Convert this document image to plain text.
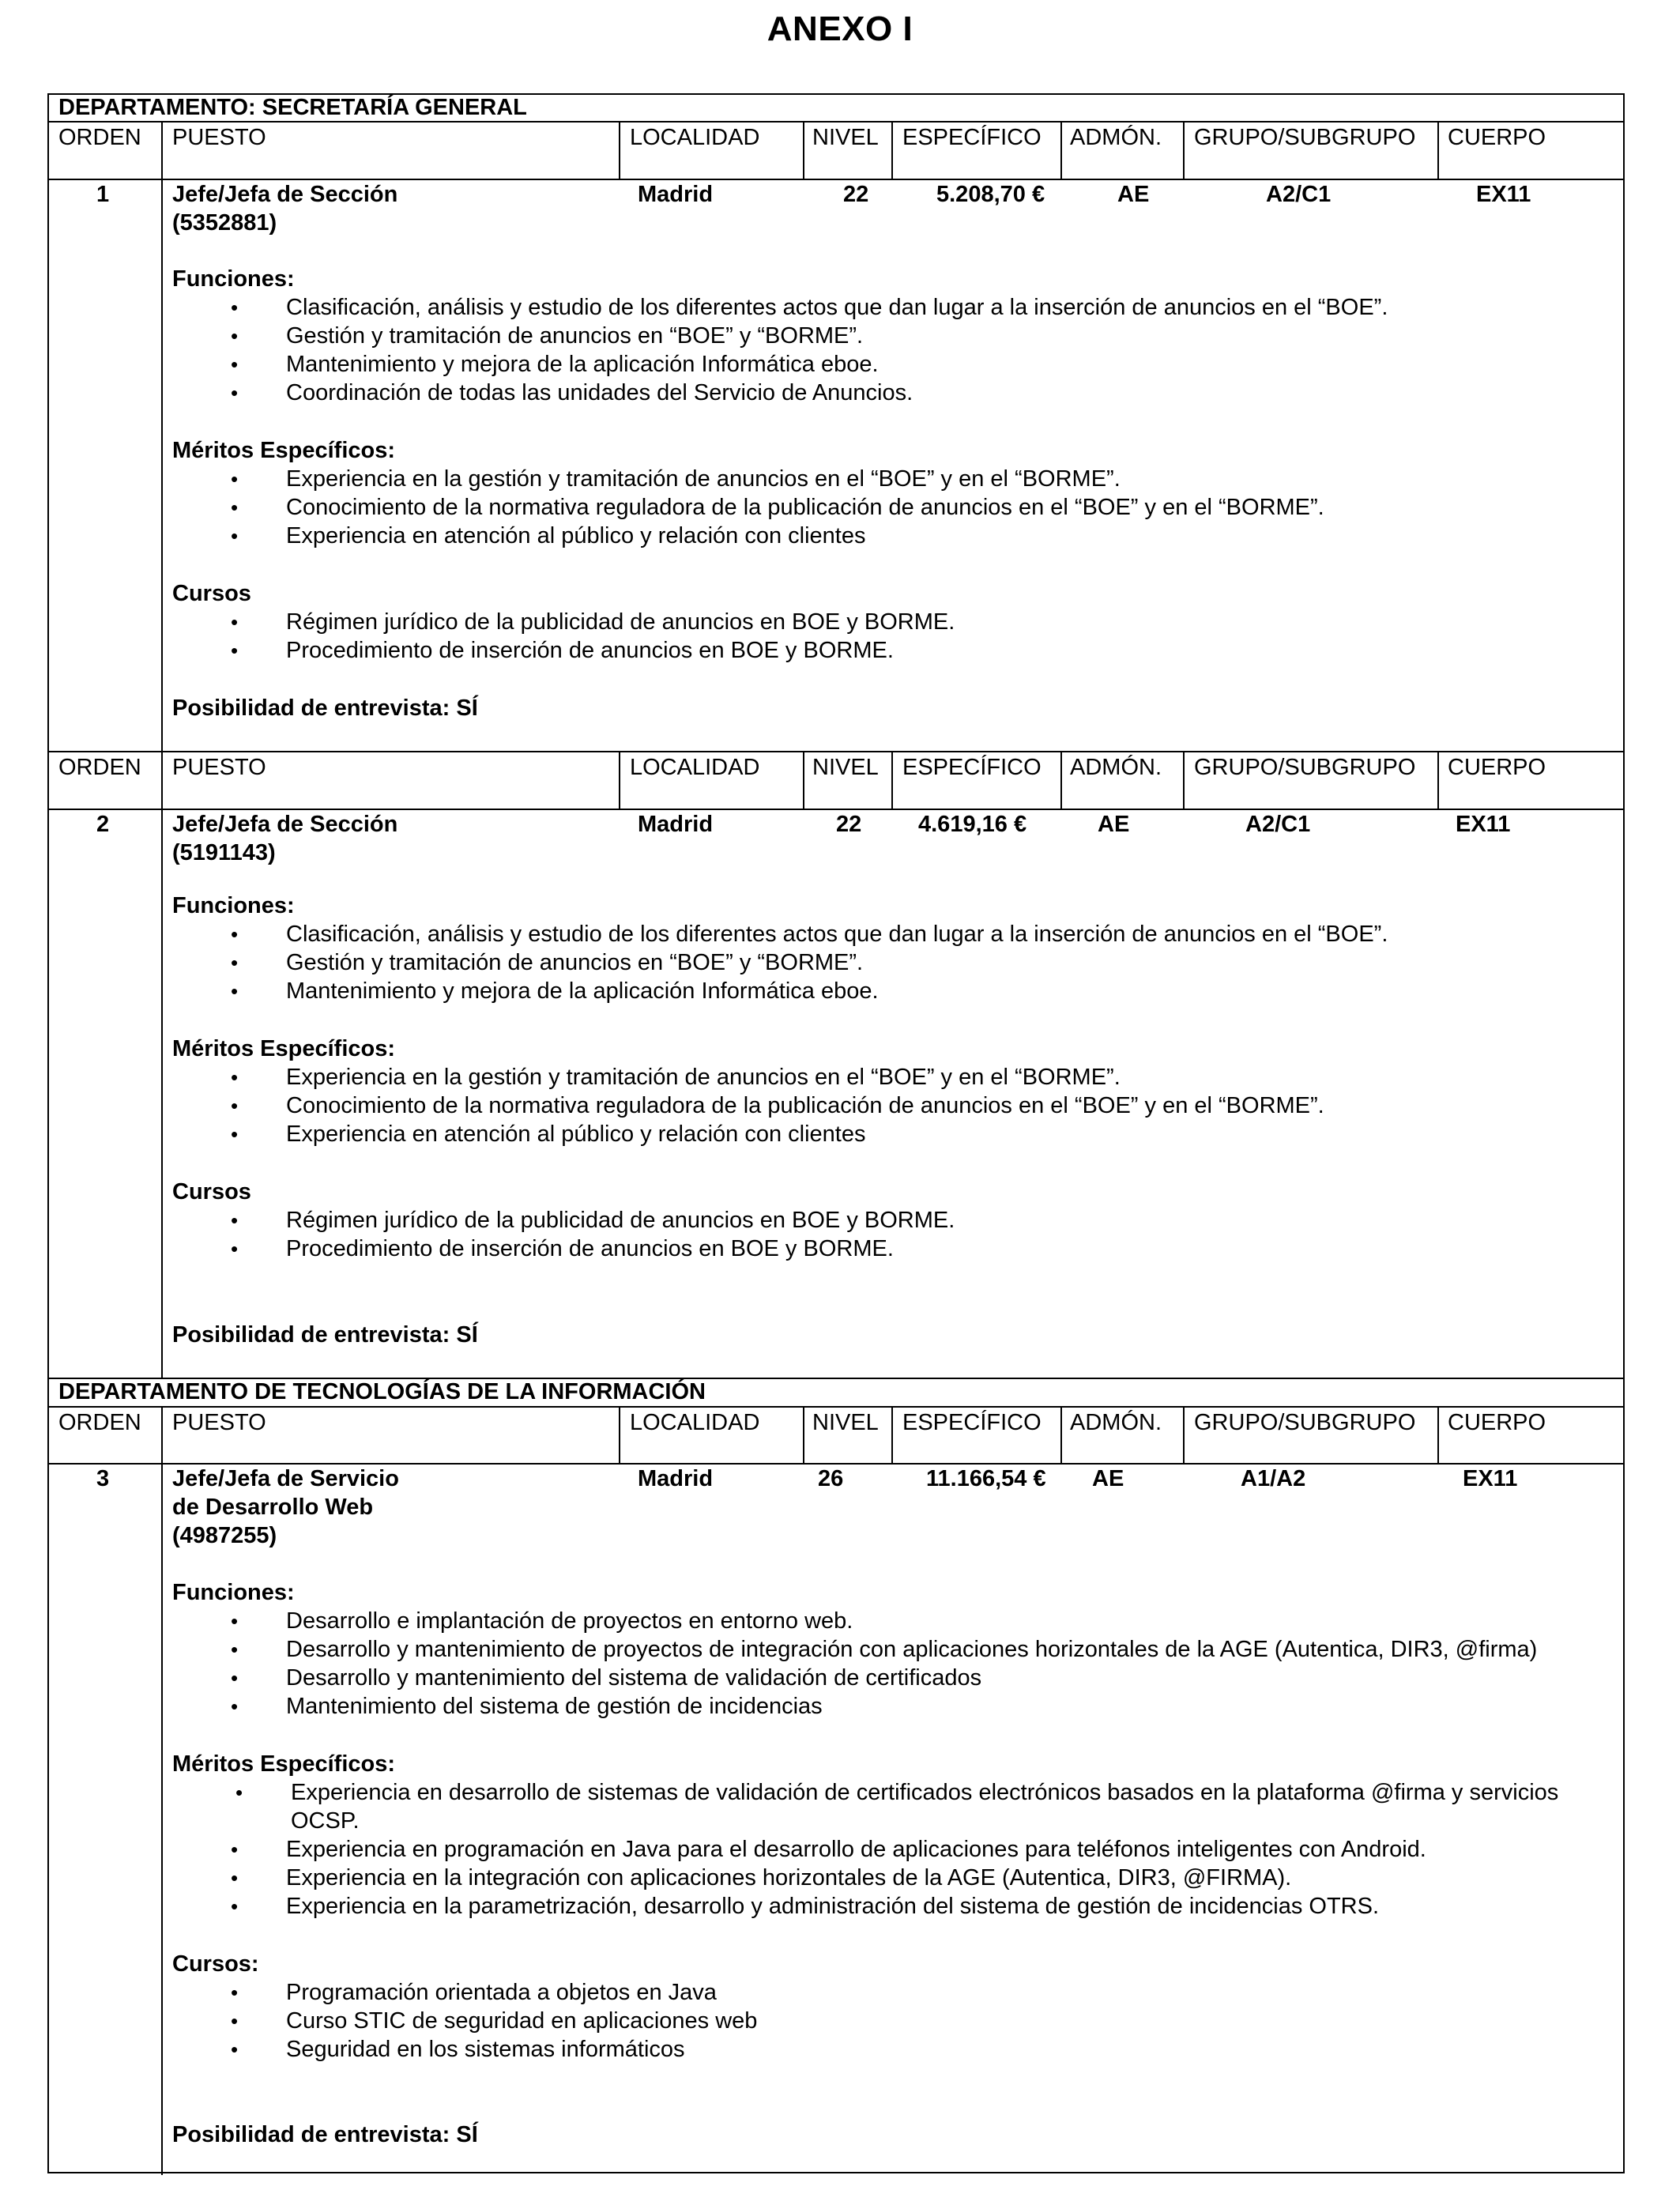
ANEXO I
DEPARTAMENTO: SECRETARÍA GENERAL
ORDEN PUESTO	LOCALIDAD NIVEL ESPECÍFICO ADMÓN. GRUPO/SUBGRUPO CUERPO
1	Jefe/Jefa de Sección
(5352881)
Madrid	22	5.208,70 €	AE	A2/C1	EX11
Funciones:
• Clasificación, análisis y estudio de los diferentes actos que dan lugar a la inserción de anuncios en el “BOE”.
• Gestión y tramitación de anuncios en “BOE” y “BORME”.
• Mantenimiento y mejora de la aplicación Informática eboe.
• Coordinación de todas las unidades del Servicio de Anuncios.
Méritos Específicos:
• Experiencia en la gestión y tramitación de anuncios en el “BOE” y en el “BORME”.
• Conocimiento de la normativa reguladora de la publicación de anuncios en el “BOE” y en el “BORME”.
• Experiencia en atención al público y relación con clientes
Cursos
• Régimen jurídico de la publicidad de anuncios en BOE y BORME.
• Procedimiento de inserción de anuncios en BOE y BORME.
Posibilidad de entrevista: SÍ
ORDEN PUESTO	LOCALIDAD NIVEL ESPECÍFICO ADMÓN. GRUPO/SUBGRUPO CUERPO
2	Jefe/Jefa de Sección
(5191143)
Madrid	22 4.619,16 €	AE	A2/C1	EX11
Funciones:
• Clasificación, análisis y estudio de los diferentes actos que dan lugar a la inserción de anuncios en el “BOE”.
• Gestión y tramitación de anuncios en “BOE” y “BORME”.
• Mantenimiento y mejora de la aplicación Informática eboe.
Méritos Específicos:
• Experiencia en la gestión y tramitación de anuncios en el “BOE” y en el “BORME”.
• Conocimiento de la normativa reguladora de la publicación de anuncios en el “BOE” y en el “BORME”.
• Experiencia en atención al público y relación con clientes
Cursos
• Régimen jurídico de la publicidad de anuncios en BOE y BORME.
• Procedimiento de inserción de anuncios en BOE y BORME.
Posibilidad de entrevista: SÍ
DEPARTAMENTO DE TECNOLOGÍAS DE LA INFORMACIÓN
ORDEN PUESTO	LOCALIDAD NIVEL ESPECÍFICO ADMÓN. GRUPO/SUBGRUPO CUERPO
3	Jefe/Jefa de Servicio
de Desarrollo Web
(4987255)
Madrid	26	11.166,54 € AE	A1/A2	EX11
Funciones:
• Desarrollo e implantación de proyectos en entorno web.
• Desarrollo y mantenimiento de proyectos de integración con aplicaciones horizontales de la AGE (Autentica, DIR3, @firma)
• Desarrollo y mantenimiento del sistema de validación de certificados
• Mantenimiento del sistema de gestión de incidencias
Méritos Específicos:
• Experiencia en desarrollo de sistemas de validación de certificados electrónicos basados en la plataforma @firma y servicios OCSP.
• Experiencia en programación en Java para el desarrollo de aplicaciones para teléfonos inteligentes con Android.
• Experiencia en la integración con aplicaciones horizontales de la AGE (Autentica, DIR3, @FIRMA).
• Experiencia en la parametrización, desarrollo y administración del sistema de gestión de incidencias OTRS.
Cursos:
• Programación orientada a objetos en Java
• Curso STIC de seguridad en aplicaciones web
• Seguridad en los sistemas informáticos
Posibilidad de entrevista: SÍ
